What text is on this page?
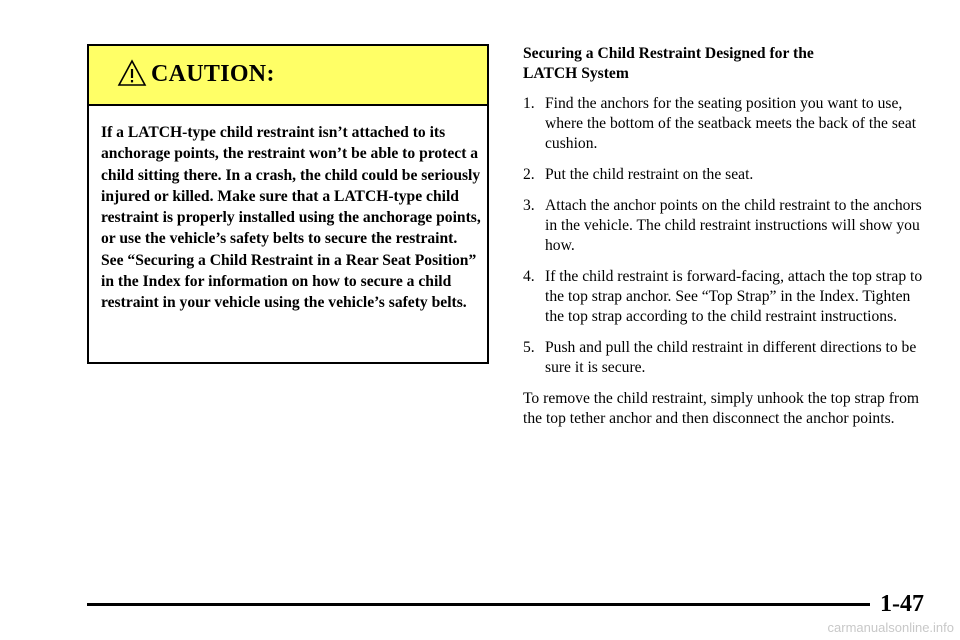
CAUTION:

If a LATCH‑type child restraint isn’t attached to its anchorage points, the restraint won’t be able to protect a child sitting there. In a crash, the child could be seriously injured or killed. Make sure that a LATCH‑type child restraint is properly installed using the anchorage points, or use the vehicle’s safety belts to secure the restraint. See “Securing a Child Restraint in a Rear Seat Position” in the Index for information on how to secure a child restraint in your vehicle using the vehicle’s safety belts.

Securing a Child Restraint Designed for the LATCH System

1. Find the anchors for the seating position you want to use, where the bottom of the seatback meets the back of the seat cushion.
2. Put the child restraint on the seat.
3. Attach the anchor points on the child restraint to the anchors in the vehicle. The child restraint instructions will show you how.
4. If the child restraint is forward‑facing, attach the top strap to the top strap anchor. See “Top Strap” in the Index. Tighten the top strap according to the child restraint instructions.
5. Push and pull the child restraint in different directions to be sure it is secure.

To remove the child restraint, simply unhook the top strap from the top tether anchor and then disconnect the anchor points.

1-47
carmanualsonline.info
